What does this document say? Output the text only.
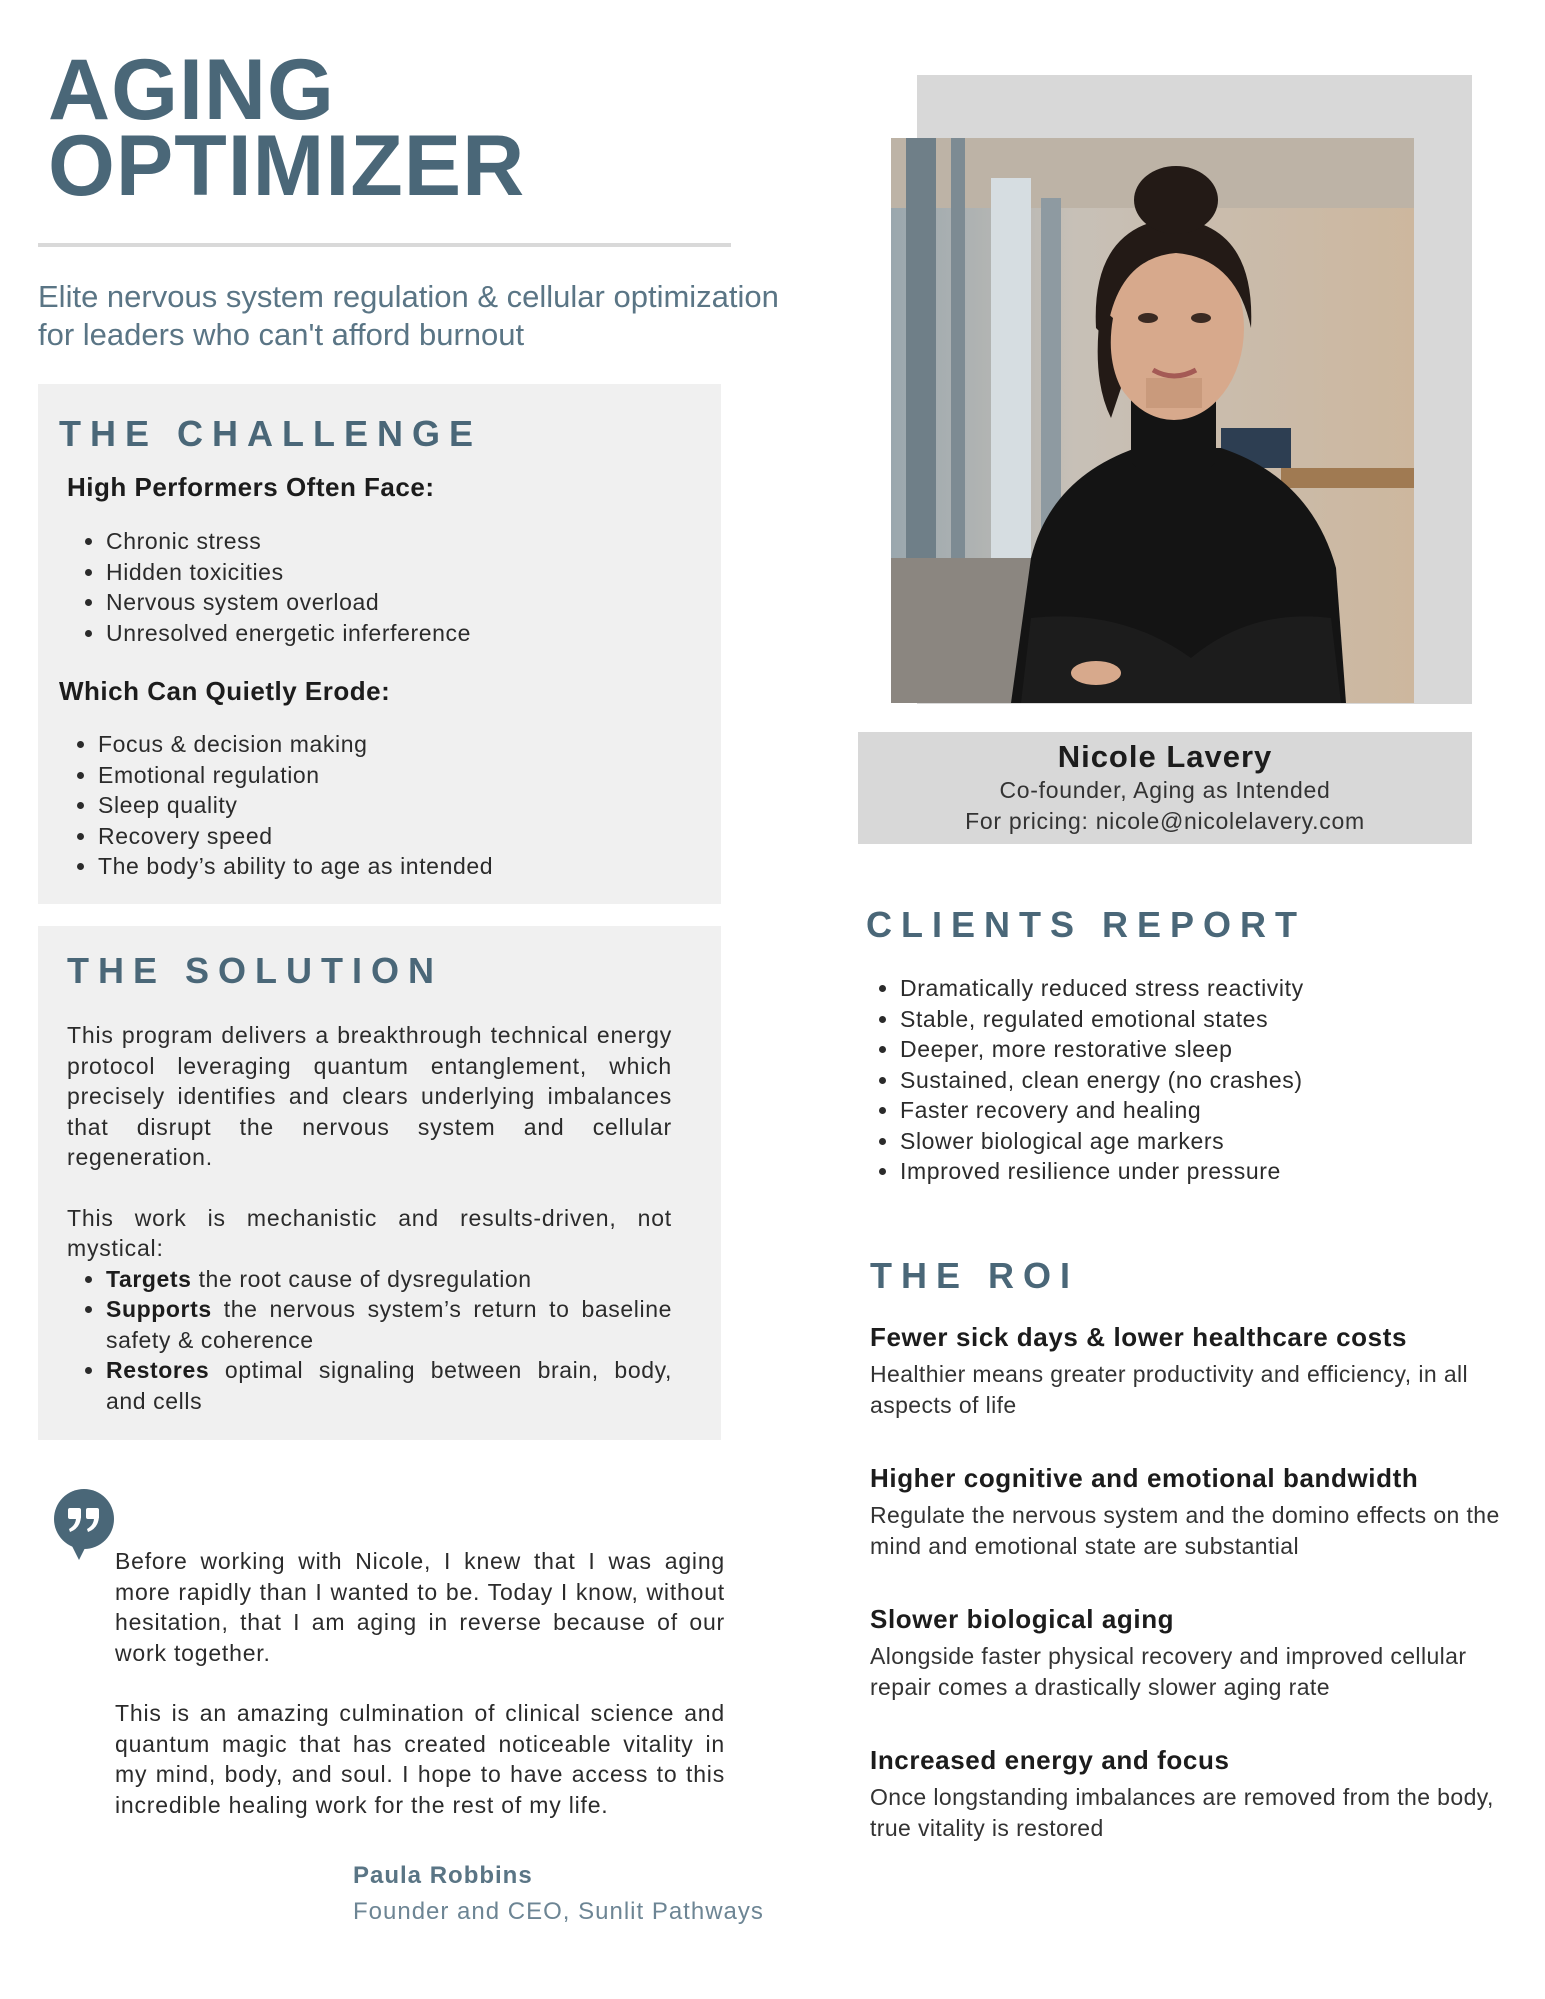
AGING
OPTIMIZER

Elite nervous system regulation & cellular optimization for leaders who can't afford burnout

THE CHALLENGE
High Performers Often Face:
• Chronic stress
• Hidden toxicities
• Nervous system overload
• Unresolved energetic inferference
Which Can Quietly Erode:
• Focus & decision making
• Emotional regulation
• Sleep quality
• Recovery speed
• The body’s ability to age as intended
THE SOLUTION

This program delivers a breakthrough technical energy protocol leveraging quantum entanglement, which precisely identifies and clears underlying imbalances that disrupt the nervous system and cellular regeneration.

This work is mechanistic and results-driven, not mystical:

• Targets the root cause of dysregulation
• Supports the nervous system’s return to baseline safety & coherence
• Restores optimal signaling between brain, body, and cells

Before working with Nicole, I knew that I was aging more rapidly than I wanted to be. Today I know, without hesitation, that I am aging in reverse because of our work together.

This is an amazing culmination of clinical science and quantum magic that has created noticeable vitality in my mind, body, and soul. I hope to have access to this incredible healing work for the rest of my life.

Paula Robbins
Founder and CEO, Sunlit Pathways
Nicole Lavery
Co-founder, Aging as Intended
For pricing: nicole@nicolelavery.com
CLIENTS REPORT
• Dramatically reduced stress reactivity
• Stable, regulated emotional states
• Deeper, more restorative sleep
• Sustained, clean energy (no crashes)
• Faster recovery and healing
• Slower biological age markers
• Improved resilience under pressure
THE ROI
Fewer sick days & lower healthcare costs

Healthier means greater productivity and efficiency, in all aspects of life

Higher cognitive and emotional bandwidth

Regulate the nervous system and the domino effects on the mind and emotional state are substantial

Slower biological aging

Alongside faster physical recovery and improved cellular repair comes a drastically slower aging rate

Increased energy and focus

Once longstanding imbalances are removed from the body, true vitality is restored
